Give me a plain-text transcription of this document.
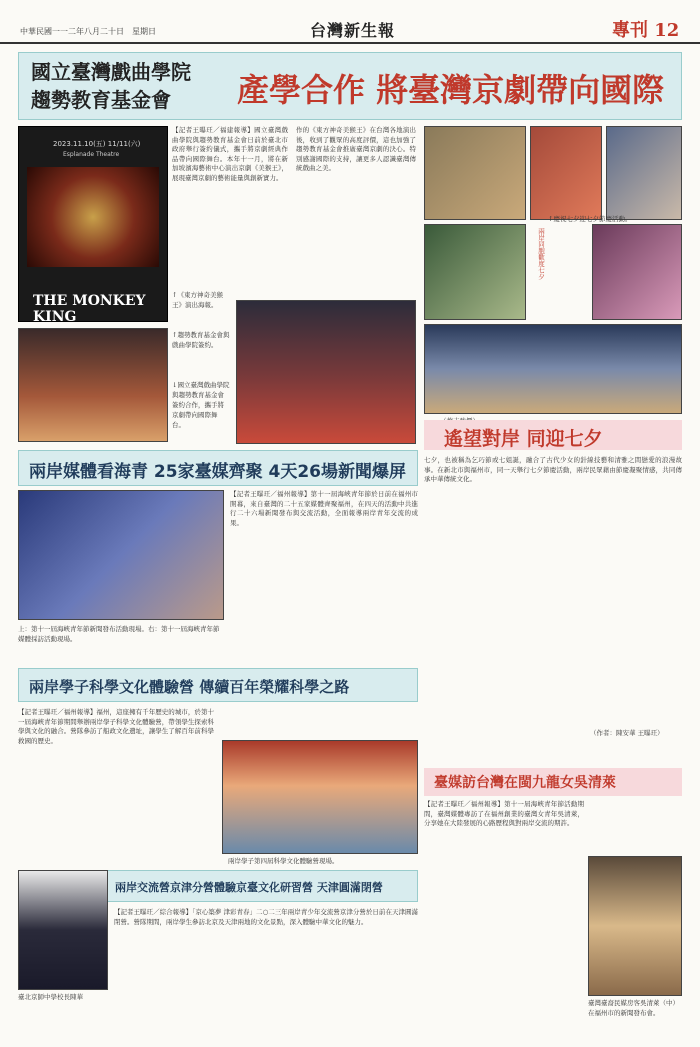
中華民國一一二年八月二十日　星期日	台灣新生報	專刊 12
國立臺灣戲曲學院
趨勢教育基金會 產學合作 將臺灣京劇帶向國際
2023.11.10(五) 11/11(六)
Esplanade Theatre
THE MONKEY KING
【記者王曝玨／福建報導】國立臺灣戲曲學院與趨勢教育基金會日前於臺北市政府舉行簽約儀式，攜手將京劇經典作品帶向國際舞台。本年十一月，將在新加坡濱海藝術中心演出京劇《美猴王》，展現臺灣京劇的藝術能量與創新實力。
作的《東方神奇美猴王》在台灣各地演出後，收到了觀眾的高度評價，這也加強了趨勢教育基金會推廣臺灣京劇的決心。特別感謝國際的支持，讓更多人認識臺灣傳統戲曲之美。
↑《東方神奇美猴王》演出海報。
↑趨勢教育基金會與戲曲學院簽約。
↓國立臺灣戲曲學院與趨勢教育基金會簽約合作，攜手將京劇帶向國際舞台。
兩岸同胞歡度七夕
↑慶祝七夕迎七夕節慶活動。
兩岸媒體看海青 25家臺媒齊聚 4天26場新聞爆屏
上：第十一屆海峽青年節新聞發布活動現場。右：第十一屆海峽青年節媒體採訪活動現場。
【記者王曝玨／福州報導】第十一屆海峽青年節於日前在福州市開幕，來自臺灣的二十五家媒體齊聚福州，在四天的活動中共進行二十六場新聞發布與交流活動，全面報導兩岸青年交流的成果。
遙望對岸 同迎七夕
七夕，也被稱為乞巧節或七姐誕，融合了古代少女的針線技藝和清雅之間戀愛的浪漫故事。在新北市與福州市，同一天舉行七夕節慶活動，兩岸民眾藉由節慶凝聚情感，共同傳承中華傳統文化。
（作者：陳安華 王曝玨）
兩岸學子科學文化體驗營 傳續百年榮耀科學之路
【記者王曝玨／福州報導】福州，這座擁有千年歷史的城市，於第十一屆海峽青年節期間舉辦兩岸學子科學文化體驗營，帶領學生探索科學與文化的融合。營隊參訪了船政文化遺址，讓學生了解百年前科學救國的歷史。
兩岸學子第四屆科學文化體驗營現場。
臺媒訪台灣在閩九龍女吳清萊
【記者王曝玨／福州報導】第十一屆海峽青年節活動期間，臺灣媒體專訪了在福州創業的臺灣女青年吳清萊，分享她在大陸發展的心路歷程與對兩岸交流的期許。
臺灣臺裔民媒房客吳清萊（中）在福州市的新聞發布會。
兩岸交流營京津分營體驗京臺文化研習營 天津圓滿閉營
臺北京師中學校長陳華
【記者王曝玨／綜合報導】「京心築夢 津彩青春」二○二三年兩岸青少年交流營京津分營於日前在天津圓滿閉營。營隊期間，兩岸學生參訪北京及天津兩地的文化景點，深入體驗中華文化的魅力。
